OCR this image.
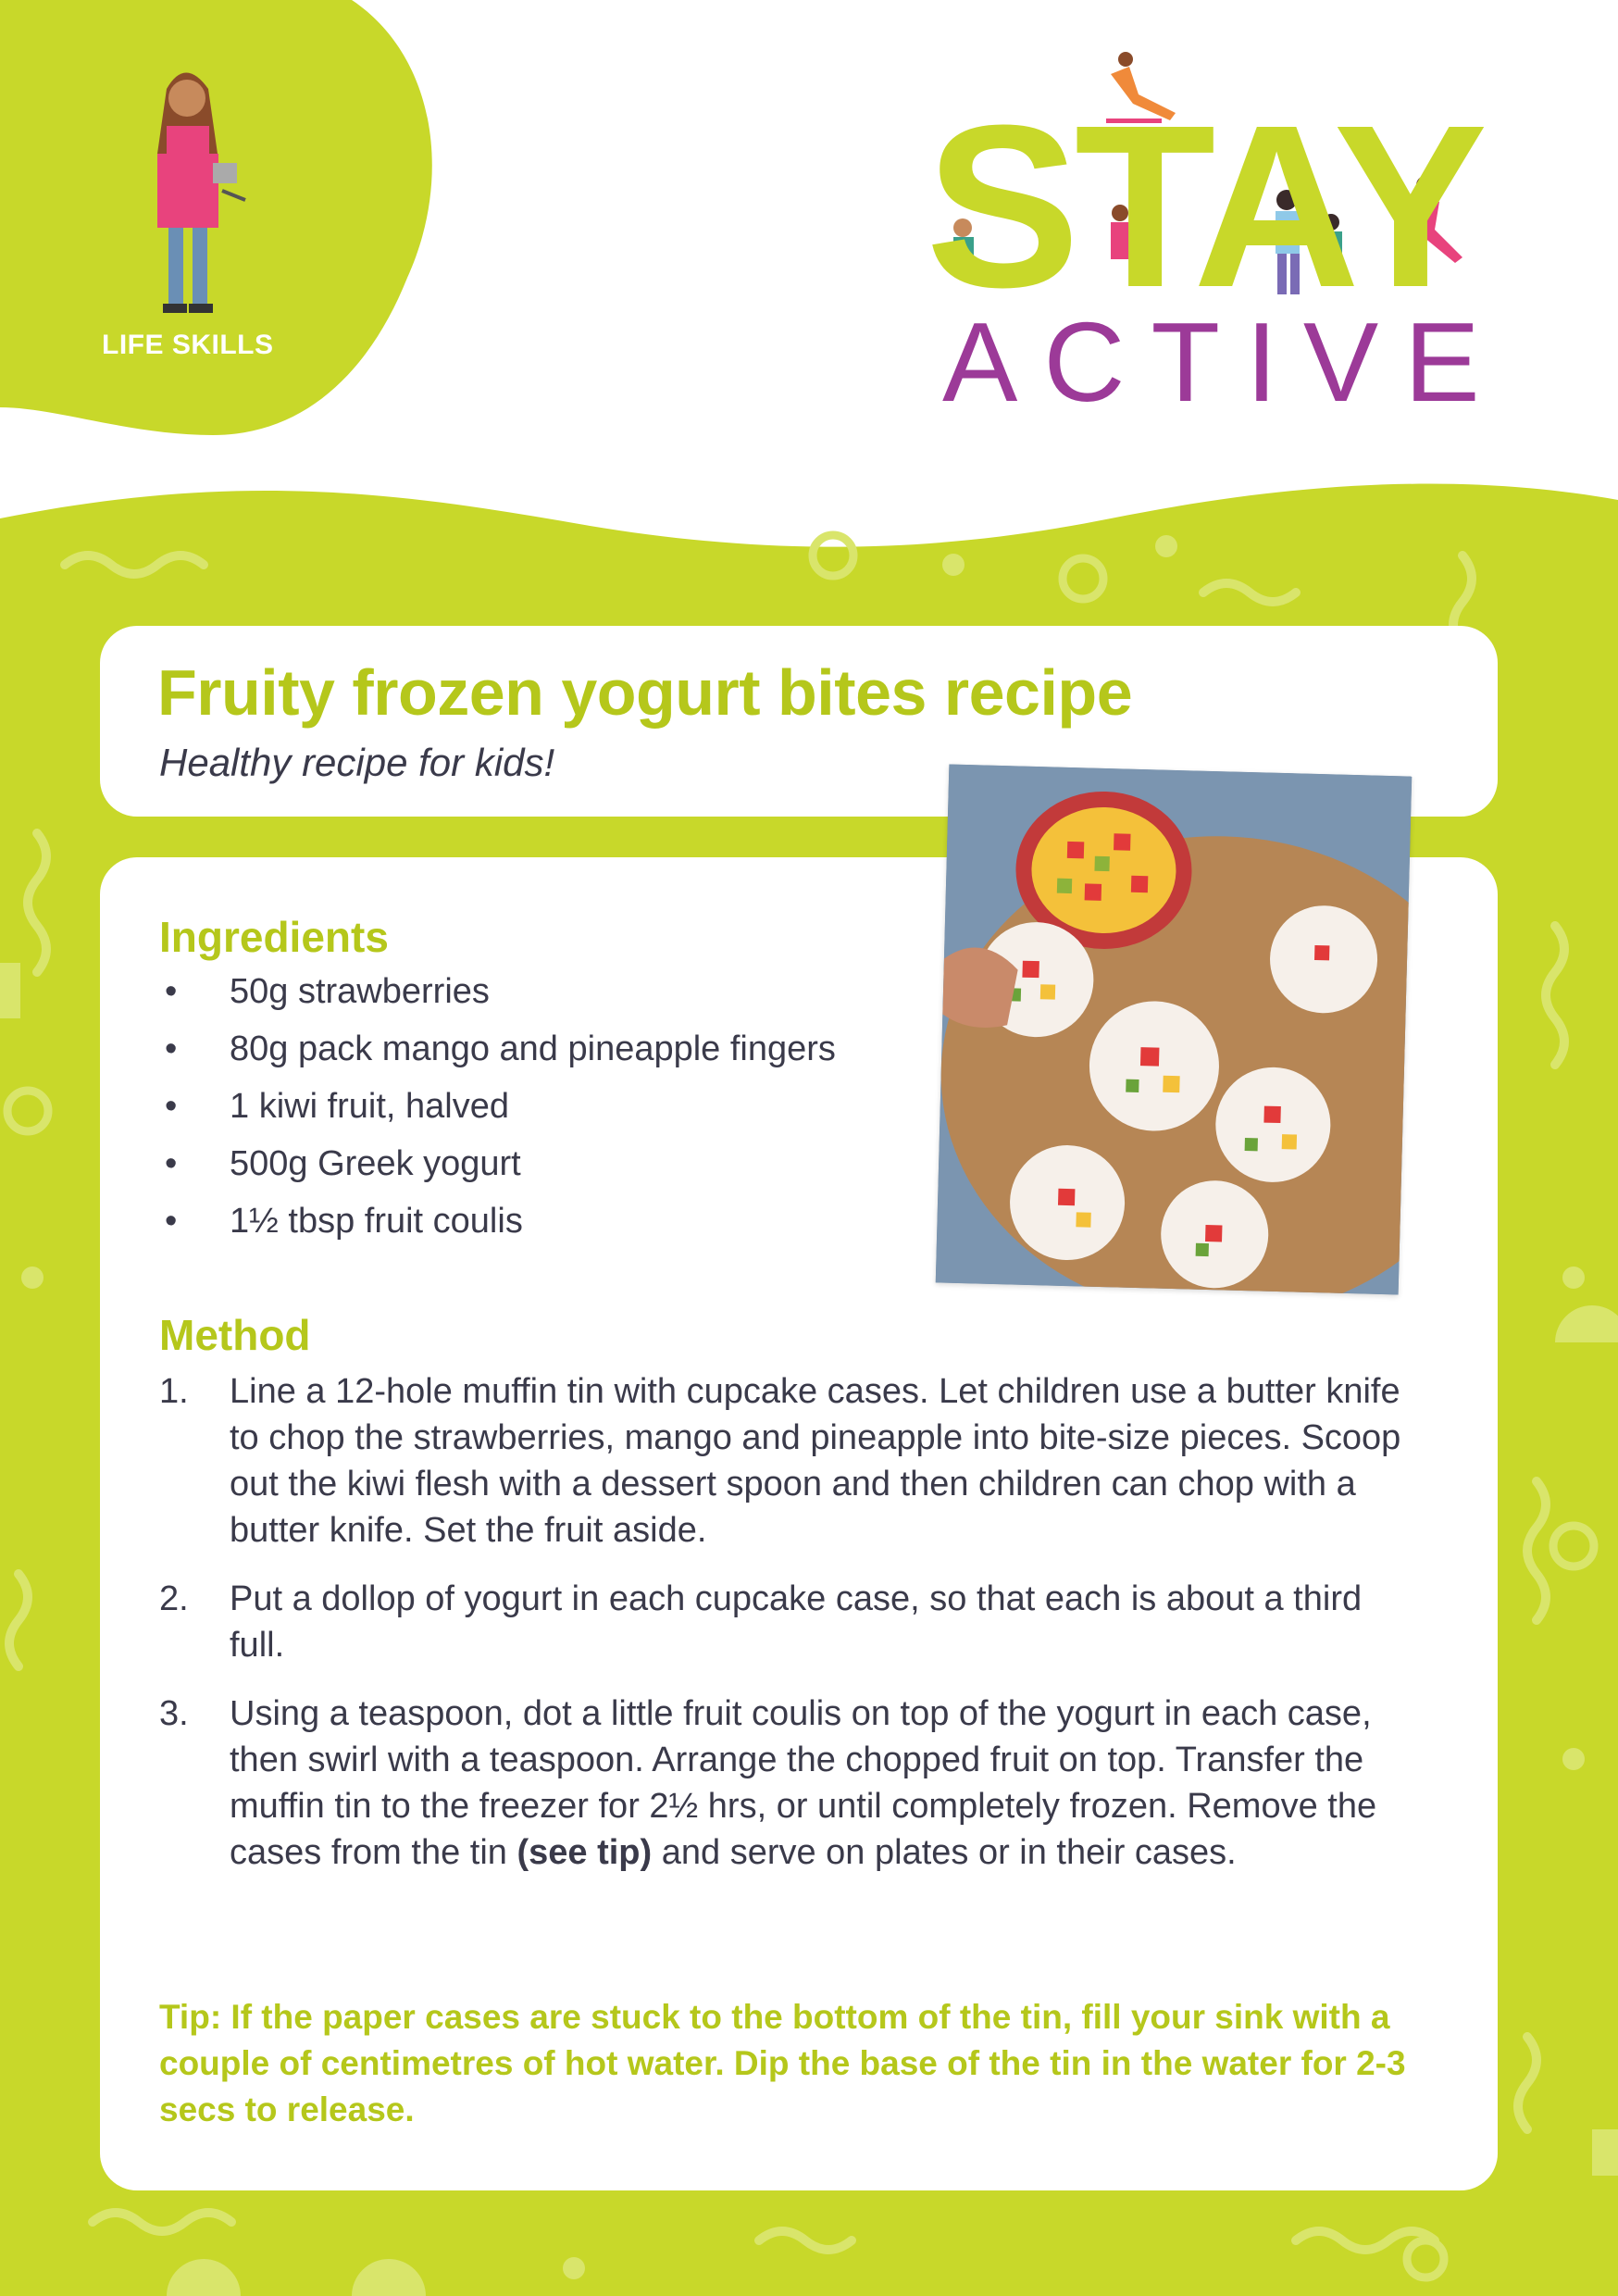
LIFE SKILLS
STAY
ACTIVE
Fruity frozen yogurt bites recipe

Healthy recipe for kids!

Ingredients
•	50g strawberries
•	80g pack mango and pineapple fingers
•	1 kiwi fruit, halved
•	500g Greek yogurt
•	1½ tbsp fruit coulis
Method
1.	Line a 12-hole muffin tin with cupcake cases. Let children use a butter knife to chop the strawberries, mango and pineapple into bite-size pieces. Scoop out the kiwi flesh with a dessert spoon and then children can chop with a butter knife. Set the fruit aside.
2.	Put a dollop of yogurt in each cupcake case, so that each is about a third full.
3.	Using a teaspoon, dot a little fruit coulis on top of the yogurt in each case, then swirl with a teaspoon. Arrange the chopped fruit on top. Transfer the muffin tin to the freezer for 2½ hrs, or until completely frozen. Remove the cases from the tin (see tip) and serve on plates or in their cases.

Tip: If the paper cases are stuck to the bottom of the tin, fill your sink with a couple of centimetres of hot water. Dip the base of the tin in the water for 2-3 secs to release.
